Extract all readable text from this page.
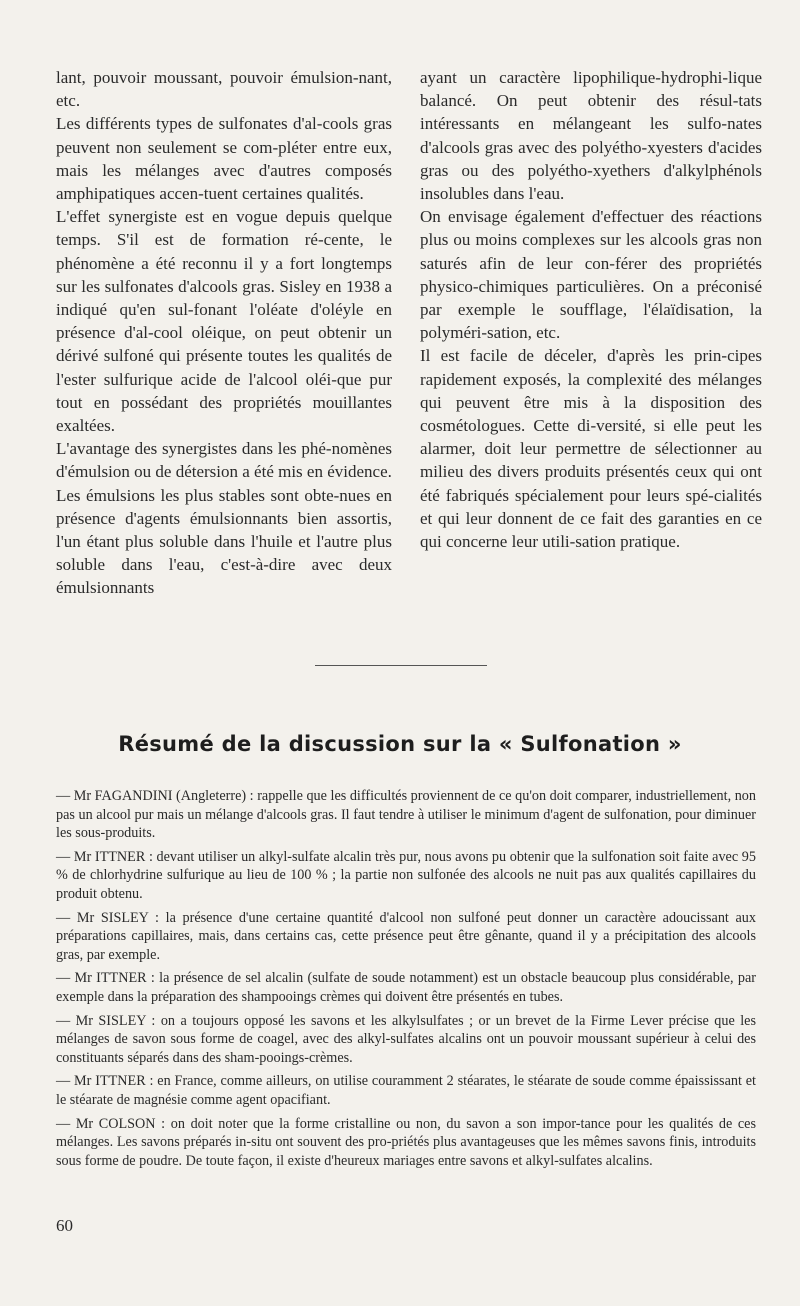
lant, pouvoir moussant, pouvoir émulsion-nant, etc.

Les différents types de sulfonates d'al-cools gras peuvent non seulement se com-pléter entre eux, mais les mélanges avec d'autres composés amphipatiques accen-tuent certaines qualités.

L'effet synergiste est en vogue depuis quelque temps. S'il est de formation ré-cente, le phénomène a été reconnu il y a fort longtemps sur les sulfonates d'alcools gras. Sisley en 1938 a indiqué qu'en sul-fonant l'oléate d'oléyle en présence d'al-cool oléique, on peut obtenir un dérivé sulfoné qui présente toutes les qualités de l'ester sulfurique acide de l'alcool oléi-que pur tout en possédant des propriétés mouillantes exaltées.

L'avantage des synergistes dans les phé-nomènes d'émulsion ou de détersion a été mis en évidence.

Les émulsions les plus stables sont obte-nues en présence d'agents émulsionnants bien assortis, l'un étant plus soluble dans l'huile et l'autre plus soluble dans l'eau, c'est-à-dire avec deux émulsionnants

ayant un caractère lipophilique-hydrophi-lique balancé. On peut obtenir des résul-tats intéressants en mélangeant les sulfo-nates d'alcools gras avec des polyétho-xyesters d'acides gras ou des polyétho-xyethers d'alkylphénols insolubles dans l'eau.

On envisage également d'effectuer des réactions plus ou moins complexes sur les alcools gras non saturés afin de leur con-férer des propriétés physico-chimiques particulières. On a préconisé par exemple le soufflage, l'élaïdisation, la polyméri-sation, etc.

Il est facile de déceler, d'après les prin-cipes rapidement exposés, la complexité des mélanges qui peuvent être mis à la disposition des cosmétologues. Cette di-versité, si elle peut les alarmer, doit leur permettre de sélectionner au milieu des divers produits présentés ceux qui ont été fabriqués spécialement pour leurs spé-cialités et qui leur donnent de ce fait des garanties en ce qui concerne leur utili-sation pratique.

Résumé de la discussion sur la « Sulfonation »

— Mr FAGANDINI (Angleterre) : rappelle que les difficultés proviennent de ce qu'on doit comparer, industriellement, non pas un alcool pur mais un mélange d'alcools gras. Il faut tendre à utiliser le minimum d'agent de sulfonation, pour diminuer les sous-produits.

— Mr ITTNER : devant utiliser un alkyl-sulfate alcalin très pur, nous avons pu obtenir que la sulfonation soit faite avec 95 % de chlorhydrine sulfurique au lieu de 100 % ; la partie non sulfonée des alcools ne nuit pas aux qualités capillaires du produit obtenu.

— Mr SISLEY : la présence d'une certaine quantité d'alcool non sulfoné peut donner un caractère adoucissant aux préparations capillaires, mais, dans certains cas, cette présence peut être gênante, quand il y a précipitation des alcools gras, par exemple.

— Mr ITTNER : la présence de sel alcalin (sulfate de soude notamment) est un obstacle beaucoup plus considérable, par exemple dans la préparation des shampooings crèmes qui doivent être présentés en tubes.

— Mr SISLEY : on a toujours opposé les savons et les alkylsulfates ; or un brevet de la Firme Lever précise que les mélanges de savon sous forme de coagel, avec des alkyl-sulfates alcalins ont un pouvoir moussant supérieur à celui des constituants séparés dans des sham-pooings-crèmes.

— Mr ITTNER : en France, comme ailleurs, on utilise couramment 2 stéarates, le stéarate de soude comme épaississant et le stéarate de magnésie comme agent opacifiant.

— Mr COLSON : on doit noter que la forme cristalline ou non, du savon a son impor-tance pour les qualités de ces mélanges. Les savons préparés in-situ ont souvent des pro-priétés plus avantageuses que les mêmes savons finis, introduits sous forme de poudre. De toute façon, il existe d'heureux mariages entre savons et alkyl-sulfates alcalins.

60
